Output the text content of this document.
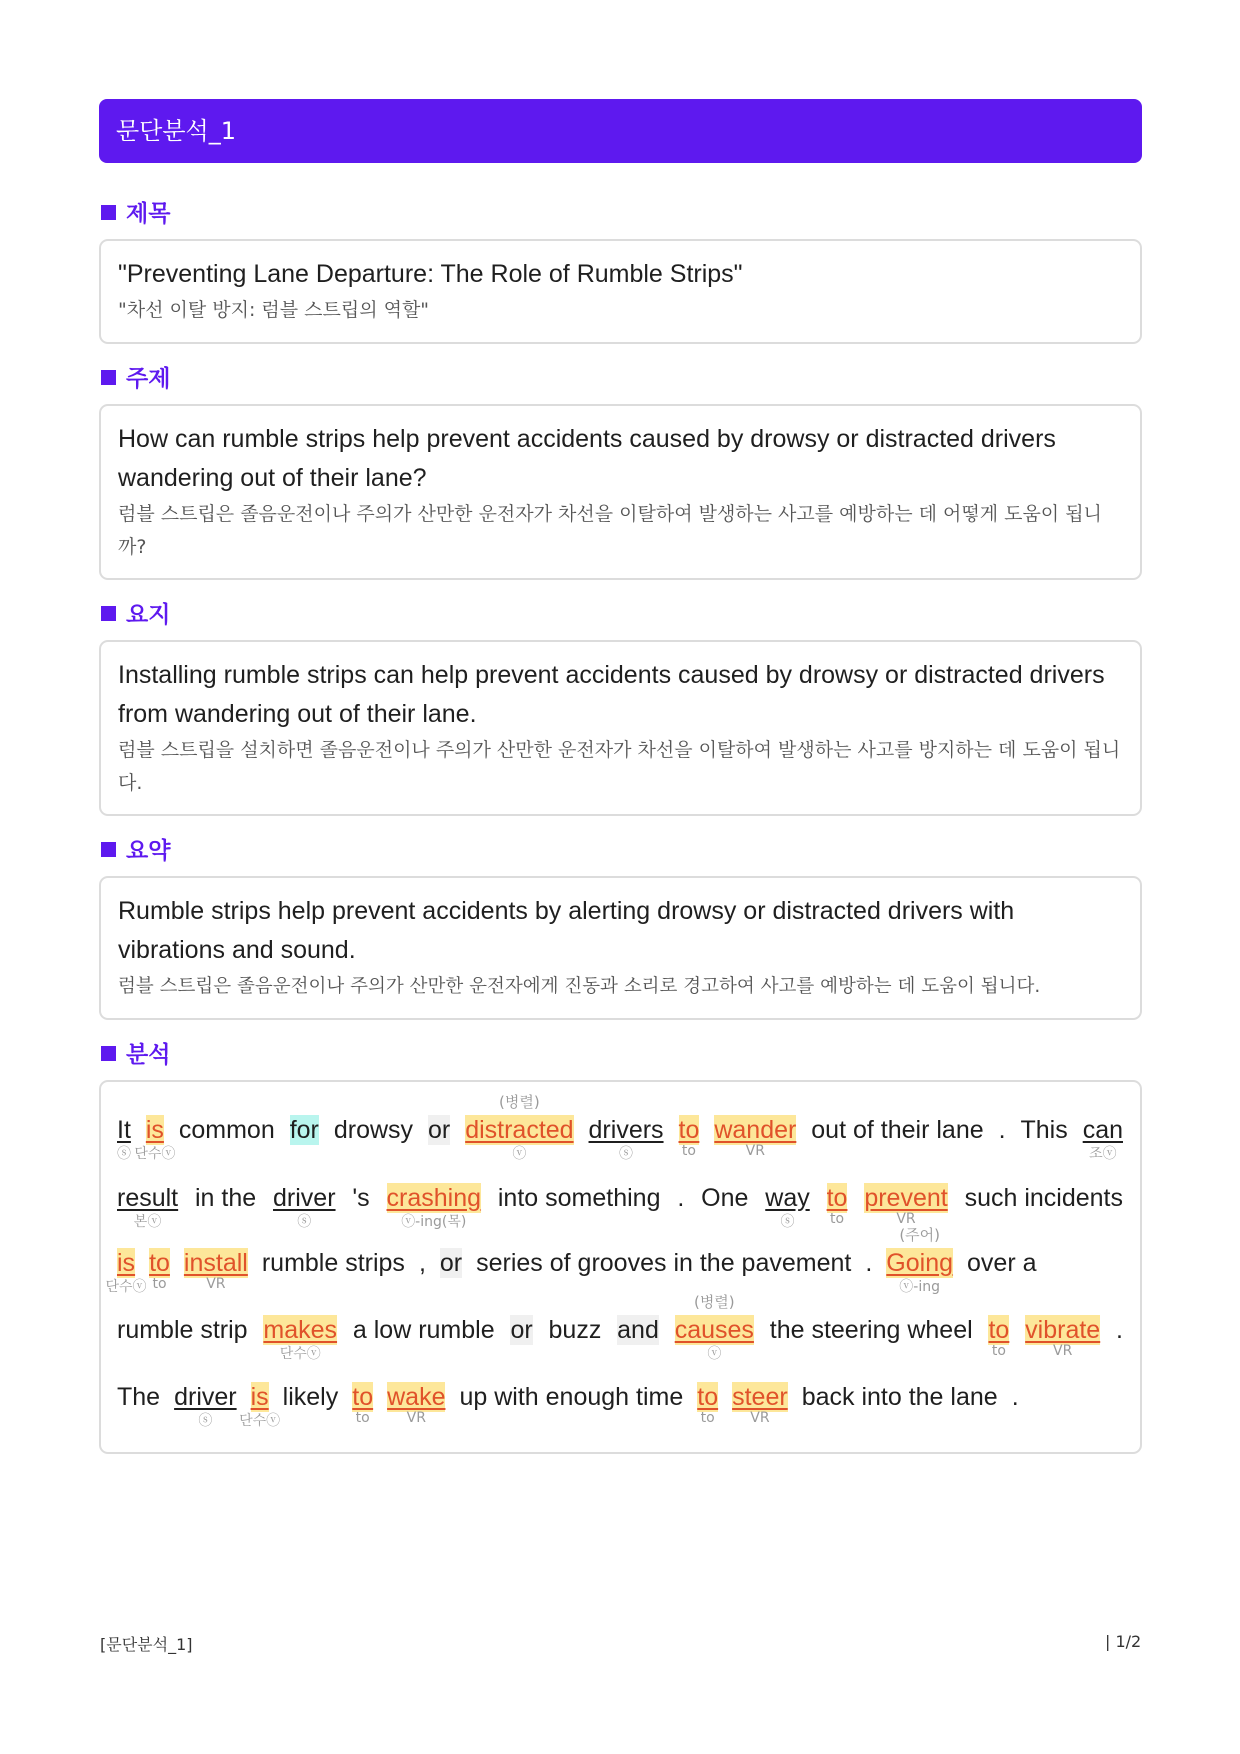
문단분석_1
제목
"Preventing Lane Departure: The Role of Rumble Strips"
"차선 이탈 방지: 럼블 스트립의 역할"
주제
How can rumble strips help prevent accidents caused by drowsy or distracted drivers wandering out of their lane?
럼블 스트립은 졸음운전이나 주의가 산만한 운전자가 차선을 이탈하여 발생하는 사고를 예방하는 데 어떻게 도움이 됩니까?
요지
Installing rumble strips can help prevent accidents caused by drowsy or distracted drivers from wandering out of their lane.
럼블 스트립을 설치하면 졸음운전이나 주의가 산만한 운전자가 차선을 이탈하여 발생하는 사고를 방지하는 데 도움이 됩니다.
요약
Rumble strips help prevent accidents by alerting drowsy or distracted drivers with vibrations and sound.
럼블 스트립은 졸음운전이나 주의가 산만한 운전자에게 진동과 소리로 경고하여 사고를 예방하는 데 도움이 됩니다.
분석
It is common for drowsy or distracted drivers to wander out of their lane . This can
ⓢ 단수ⓥ	ⓥ
(병렬)
ⓢ	to	VR	조ⓥ
result in the driver 's crashing into something . One way to prevent such incidents
본ⓥ	ⓢ	ⓥ-ing(목)	ⓢ	to	VR
is to install rumble strips , or series of grooves in the pavement . Going over a
단수ⓥ to	VR	ⓥ-ing
(주어)
rumble strip makes a low rumble or buzz and causes the steering wheel to vibrate .
단수ⓥ	ⓥ
(병렬)
to	VR
The driver is likely to wake up with enough time to steer back into the lane .
ⓢ 단수ⓥ	to	VR	to	VR
[문단분석_1]	| 1/2
